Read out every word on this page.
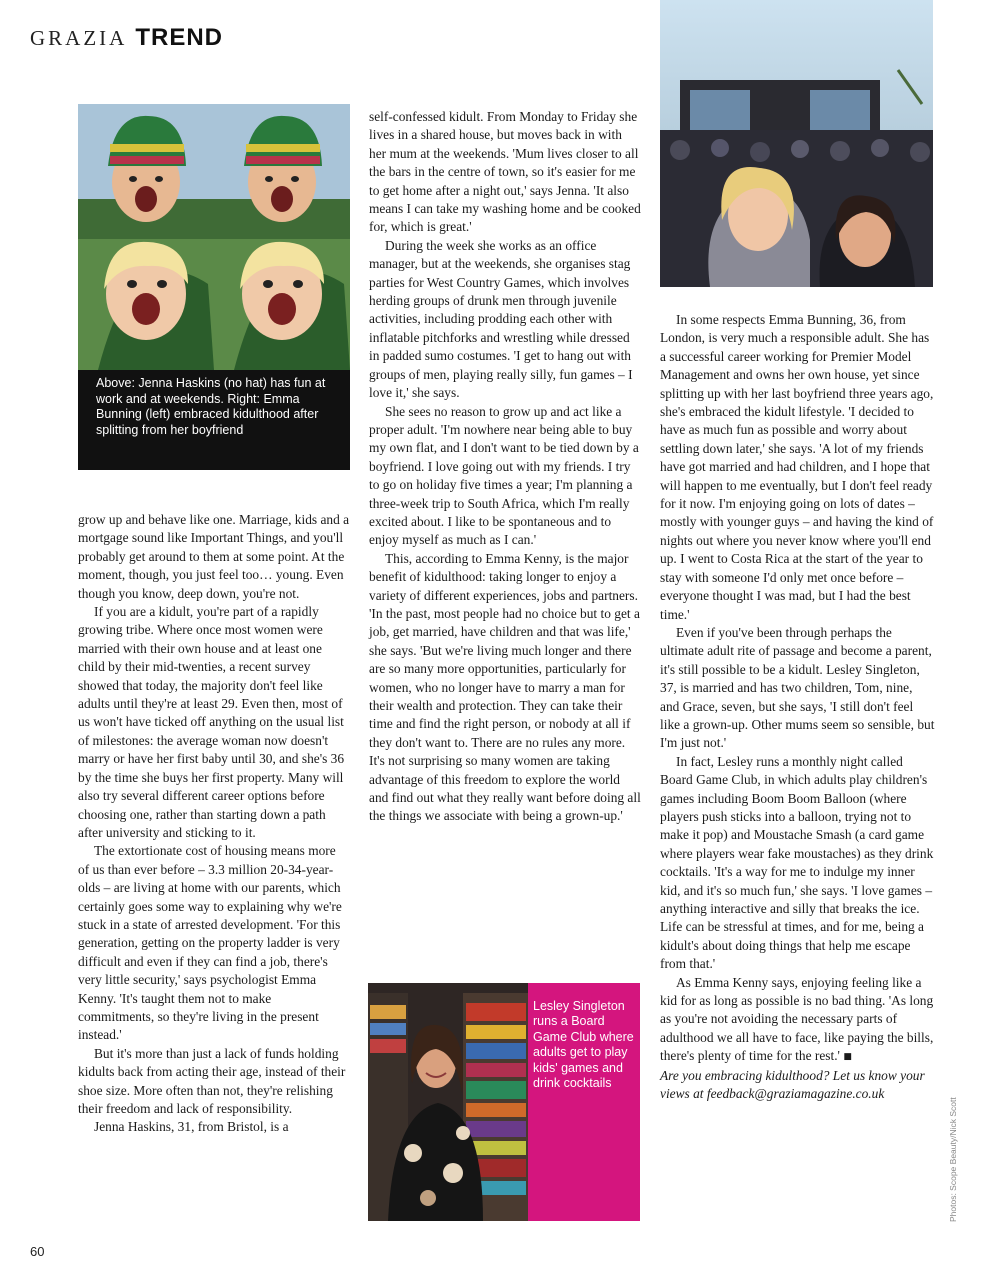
GRAZIA TREND
Above: Jenna Haskins (no hat) has fun at work and at weekends. Right: Emma Bunning (left) embraced kidulthood after splitting from her boyfriend
Lesley Singleton runs a Board Game Club where adults get to play kids' games and drink cocktails

grow up and behave like one. Marriage, kids and a mortgage sound like Important Things, and you'll probably get around to them at some point. At the moment, though, you just feel too… young. Even though you know, deep down, you're not.

If you are a kidult, you're part of a rapidly growing tribe. Where once most women were married with their own house and at least one child by their mid-twenties, a recent survey showed that today, the majority don't feel like adults until they're at least 29. Even then, most of us won't have ticked off anything on the usual list of milestones: the average woman now doesn't marry or have her first baby until 30, and she's 36 by the time she buys her first property. Many will also try several different career options before choosing one, rather than starting down a path after university and sticking to it.

The extortionate cost of housing means more of us than ever before – 3.3 million 20-34-year-olds – are living at home with our parents, which certainly goes some way to explaining why we're stuck in a state of arrested development. 'For this generation, getting on the property ladder is very difficult and even if they can find a job, there's very little security,' says psychologist Emma Kenny. 'It's taught them not to make commitments, so they're living in the present instead.'

But it's more than just a lack of funds holding kidults back from acting their age, instead of their shoe size. More often than not, they're relishing their freedom and lack of responsibility.

Jenna Haskins, 31, from Bristol, is a

self-confessed kidult. From Monday to Friday she lives in a shared house, but moves back in with her mum at the weekends. 'Mum lives closer to all the bars in the centre of town, so it's easier for me to get home after a night out,' says Jenna. 'It also means I can take my washing home and be cooked for, which is great.'

During the week she works as an office manager, but at the weekends, she organises stag parties for West Country Games, which involves herding groups of drunk men through juvenile activities, including prodding each other with inflatable pitchforks and wrestling while dressed in padded sumo costumes. 'I get to hang out with groups of men, playing really silly, fun games – I love it,' she says.

She sees no reason to grow up and act like a proper adult. 'I'm nowhere near being able to buy my own flat, and I don't want to be tied down by a boyfriend. I love going out with my friends. I try to go on holiday five times a year; I'm planning a three-week trip to South Africa, which I'm really excited about. I like to be spontaneous and to enjoy myself as much as I can.'

This, according to Emma Kenny, is the major benefit of kidulthood: taking longer to enjoy a variety of different experiences, jobs and partners. 'In the past, most people had no choice but to get a job, get married, have children and that was life,' she says. 'But we're living much longer and there are so many more opportunities, particularly for women, who no longer have to marry a man for their wealth and protection. They can take their time and find the right person, or nobody at all if they don't want to. There are no rules any more. It's not surprising so many women are taking advantage of this freedom to explore the world and find out what they really want before doing all the things we associate with being a grown-up.'

In some respects Emma Bunning, 36, from London, is very much a responsible adult. She has a successful career working for Premier Model Management and owns her own house, yet since splitting up with her last boyfriend three years ago, she's embraced the kidult lifestyle. 'I decided to have as much fun as possible and worry about settling down later,' she says. 'A lot of my friends have got married and had children, and I hope that will happen to me eventually, but I don't feel ready for it now. I'm enjoying going on lots of dates – mostly with younger guys – and having the kind of nights out where you never know where you'll end up. I went to Costa Rica at the start of the year to stay with someone I'd only met once before – everyone thought I was mad, but I had the best time.'

Even if you've been through perhaps the ultimate adult rite of passage and become a parent, it's still possible to be a kidult. Lesley Singleton, 37, is married and has two children, Tom, nine, and Grace, seven, but she says, 'I still don't feel like a grown-up. Other mums seem so sensible, but I'm just not.'

In fact, Lesley runs a monthly night called Board Game Club, in which adults play children's games including Boom Boom Balloon (where players push sticks into a balloon, trying not to make it pop) and Moustache Smash (a card game where players wear fake moustaches) as they drink cocktails. 'It's a way for me to indulge my inner kid, and it's so much fun,' she says. 'I love games – anything interactive and silly that breaks the ice. Life can be stressful at times, and for me, being a kidult's about doing things that help me escape from that.'

As Emma Kenny says, enjoying feeling like a kid for as long as possible is no bad thing. 'As long as you're not avoiding the necessary parts of adulthood we all have to face, like paying the bills, there's plenty of time for the rest.' ■

Are you embracing kidulthood? Let us know your views at feedback@graziamagazine.co.uk

60
Photos: Scope Beauty/Nick Scott
